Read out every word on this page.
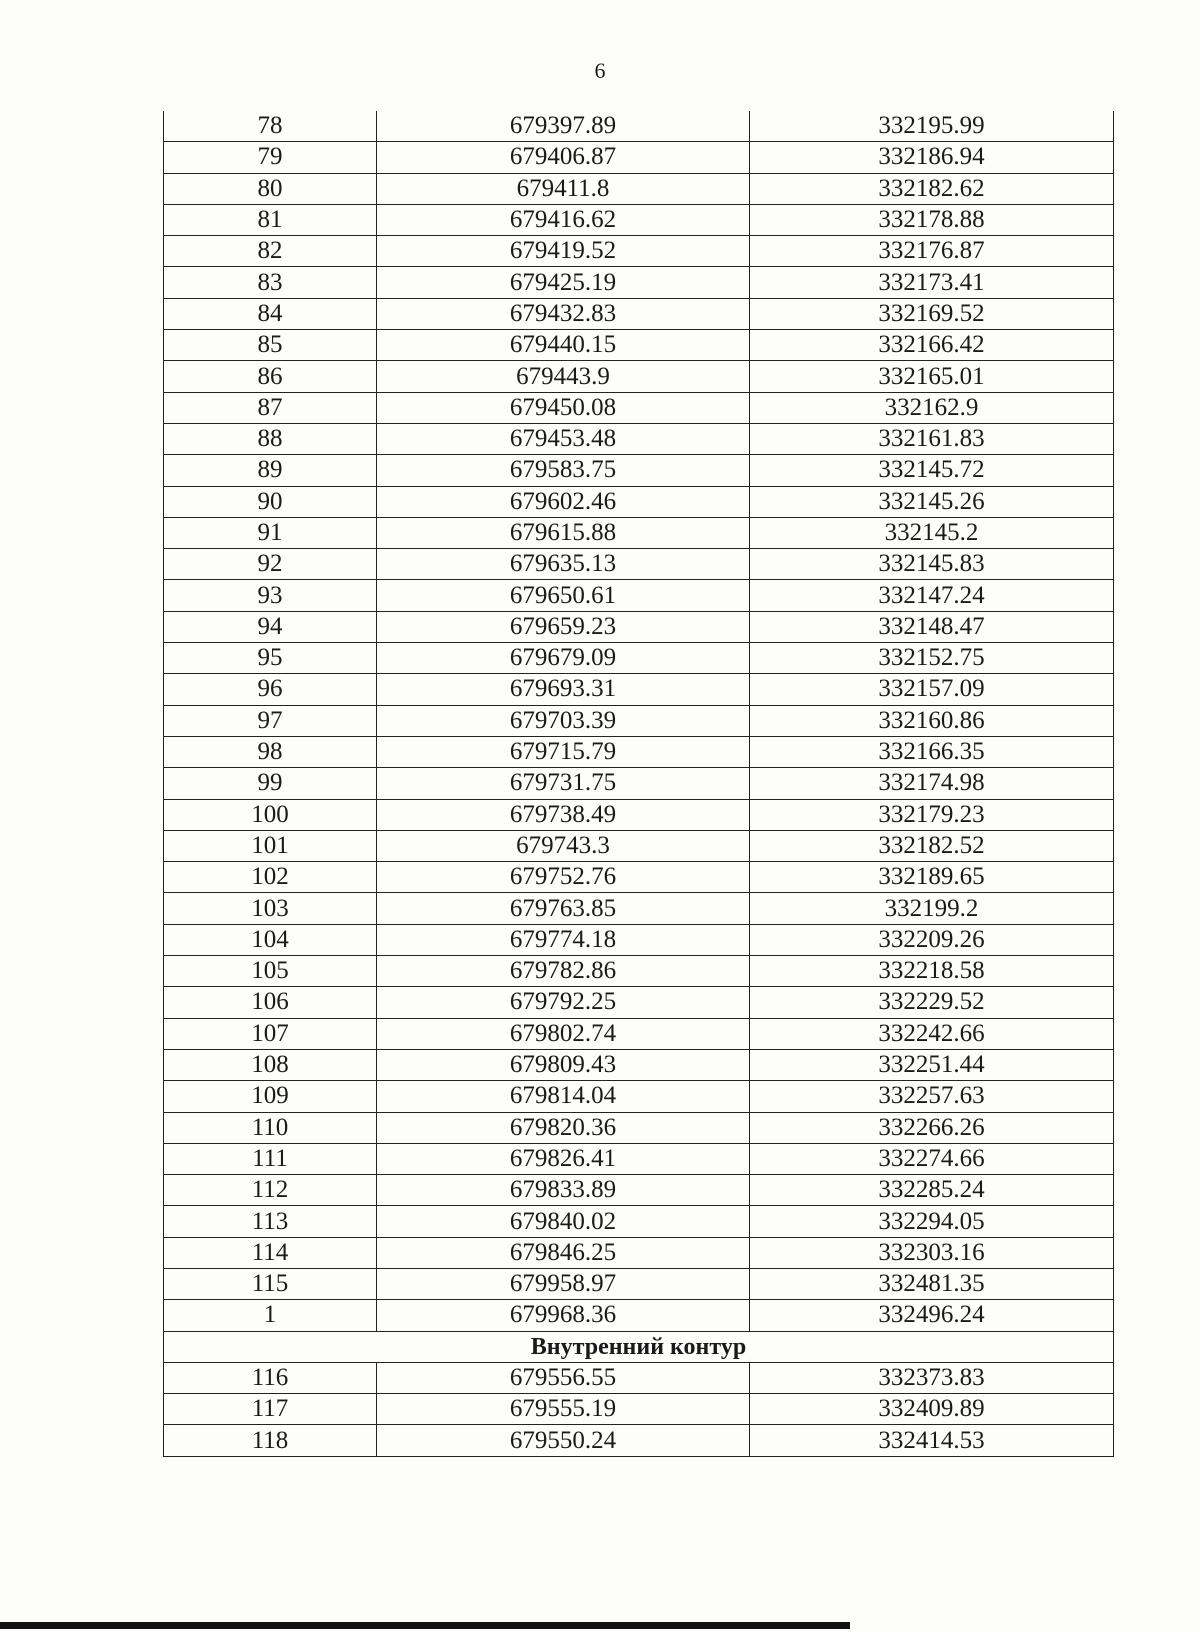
6
78	679397.89	332195.99
79	679406.87	332186.94
80	679411.8	332182.62
81	679416.62	332178.88
82	679419.52	332176.87
83	679425.19	332173.41
84	679432.83	332169.52
85	679440.15	332166.42
86	679443.9	332165.01
87	679450.08	332162.9
88	679453.48	332161.83
89	679583.75	332145.72
90	679602.46	332145.26
91	679615.88	332145.2
92	679635.13	332145.83
93	679650.61	332147.24
94	679659.23	332148.47
95	679679.09	332152.75
96	679693.31	332157.09
97	679703.39	332160.86
98	679715.79	332166.35
99	679731.75	332174.98
100	679738.49	332179.23
101	679743.3	332182.52
102	679752.76	332189.65
103	679763.85	332199.2
104	679774.18	332209.26
105	679782.86	332218.58
106	679792.25	332229.52
107	679802.74	332242.66
108	679809.43	332251.44
109	679814.04	332257.63
110	679820.36	332266.26
111	679826.41	332274.66
112	679833.89	332285.24
113	679840.02	332294.05
114	679846.25	332303.16
115	679958.97	332481.35
1	679968.36	332496.24
Внутренний контур		
116	679556.55	332373.83
117	679555.19	332409.89
118	679550.24	332414.53
